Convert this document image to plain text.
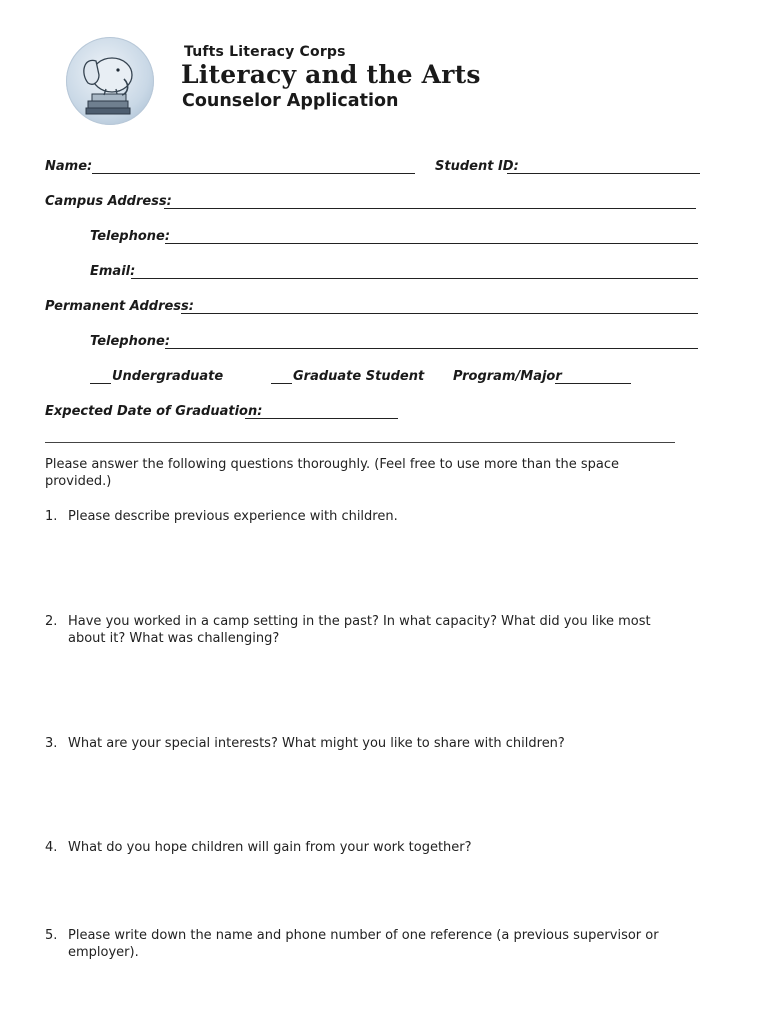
Tufts Literacy Corps
Literacy and the Arts
Counselor Application
Name:	Student ID:
Campus Address:
Telephone:
Email:
Permanent Address:
Telephone:
Undergraduate	Graduate Student Program/Major
Expected Date of Graduation:
Please answer the following questions thoroughly. (Feel free to use more than the space provided.)
1. Please describe previous experience with children.
2. Have you worked in a camp setting in the past? In what capacity? What did you like most about it? What was challenging?
3. What are your special interests? What might you like to share with children?
4. What do you hope children will gain from your work together?
5. Please write down the name and phone number of one reference (a previous supervisor or employer).
